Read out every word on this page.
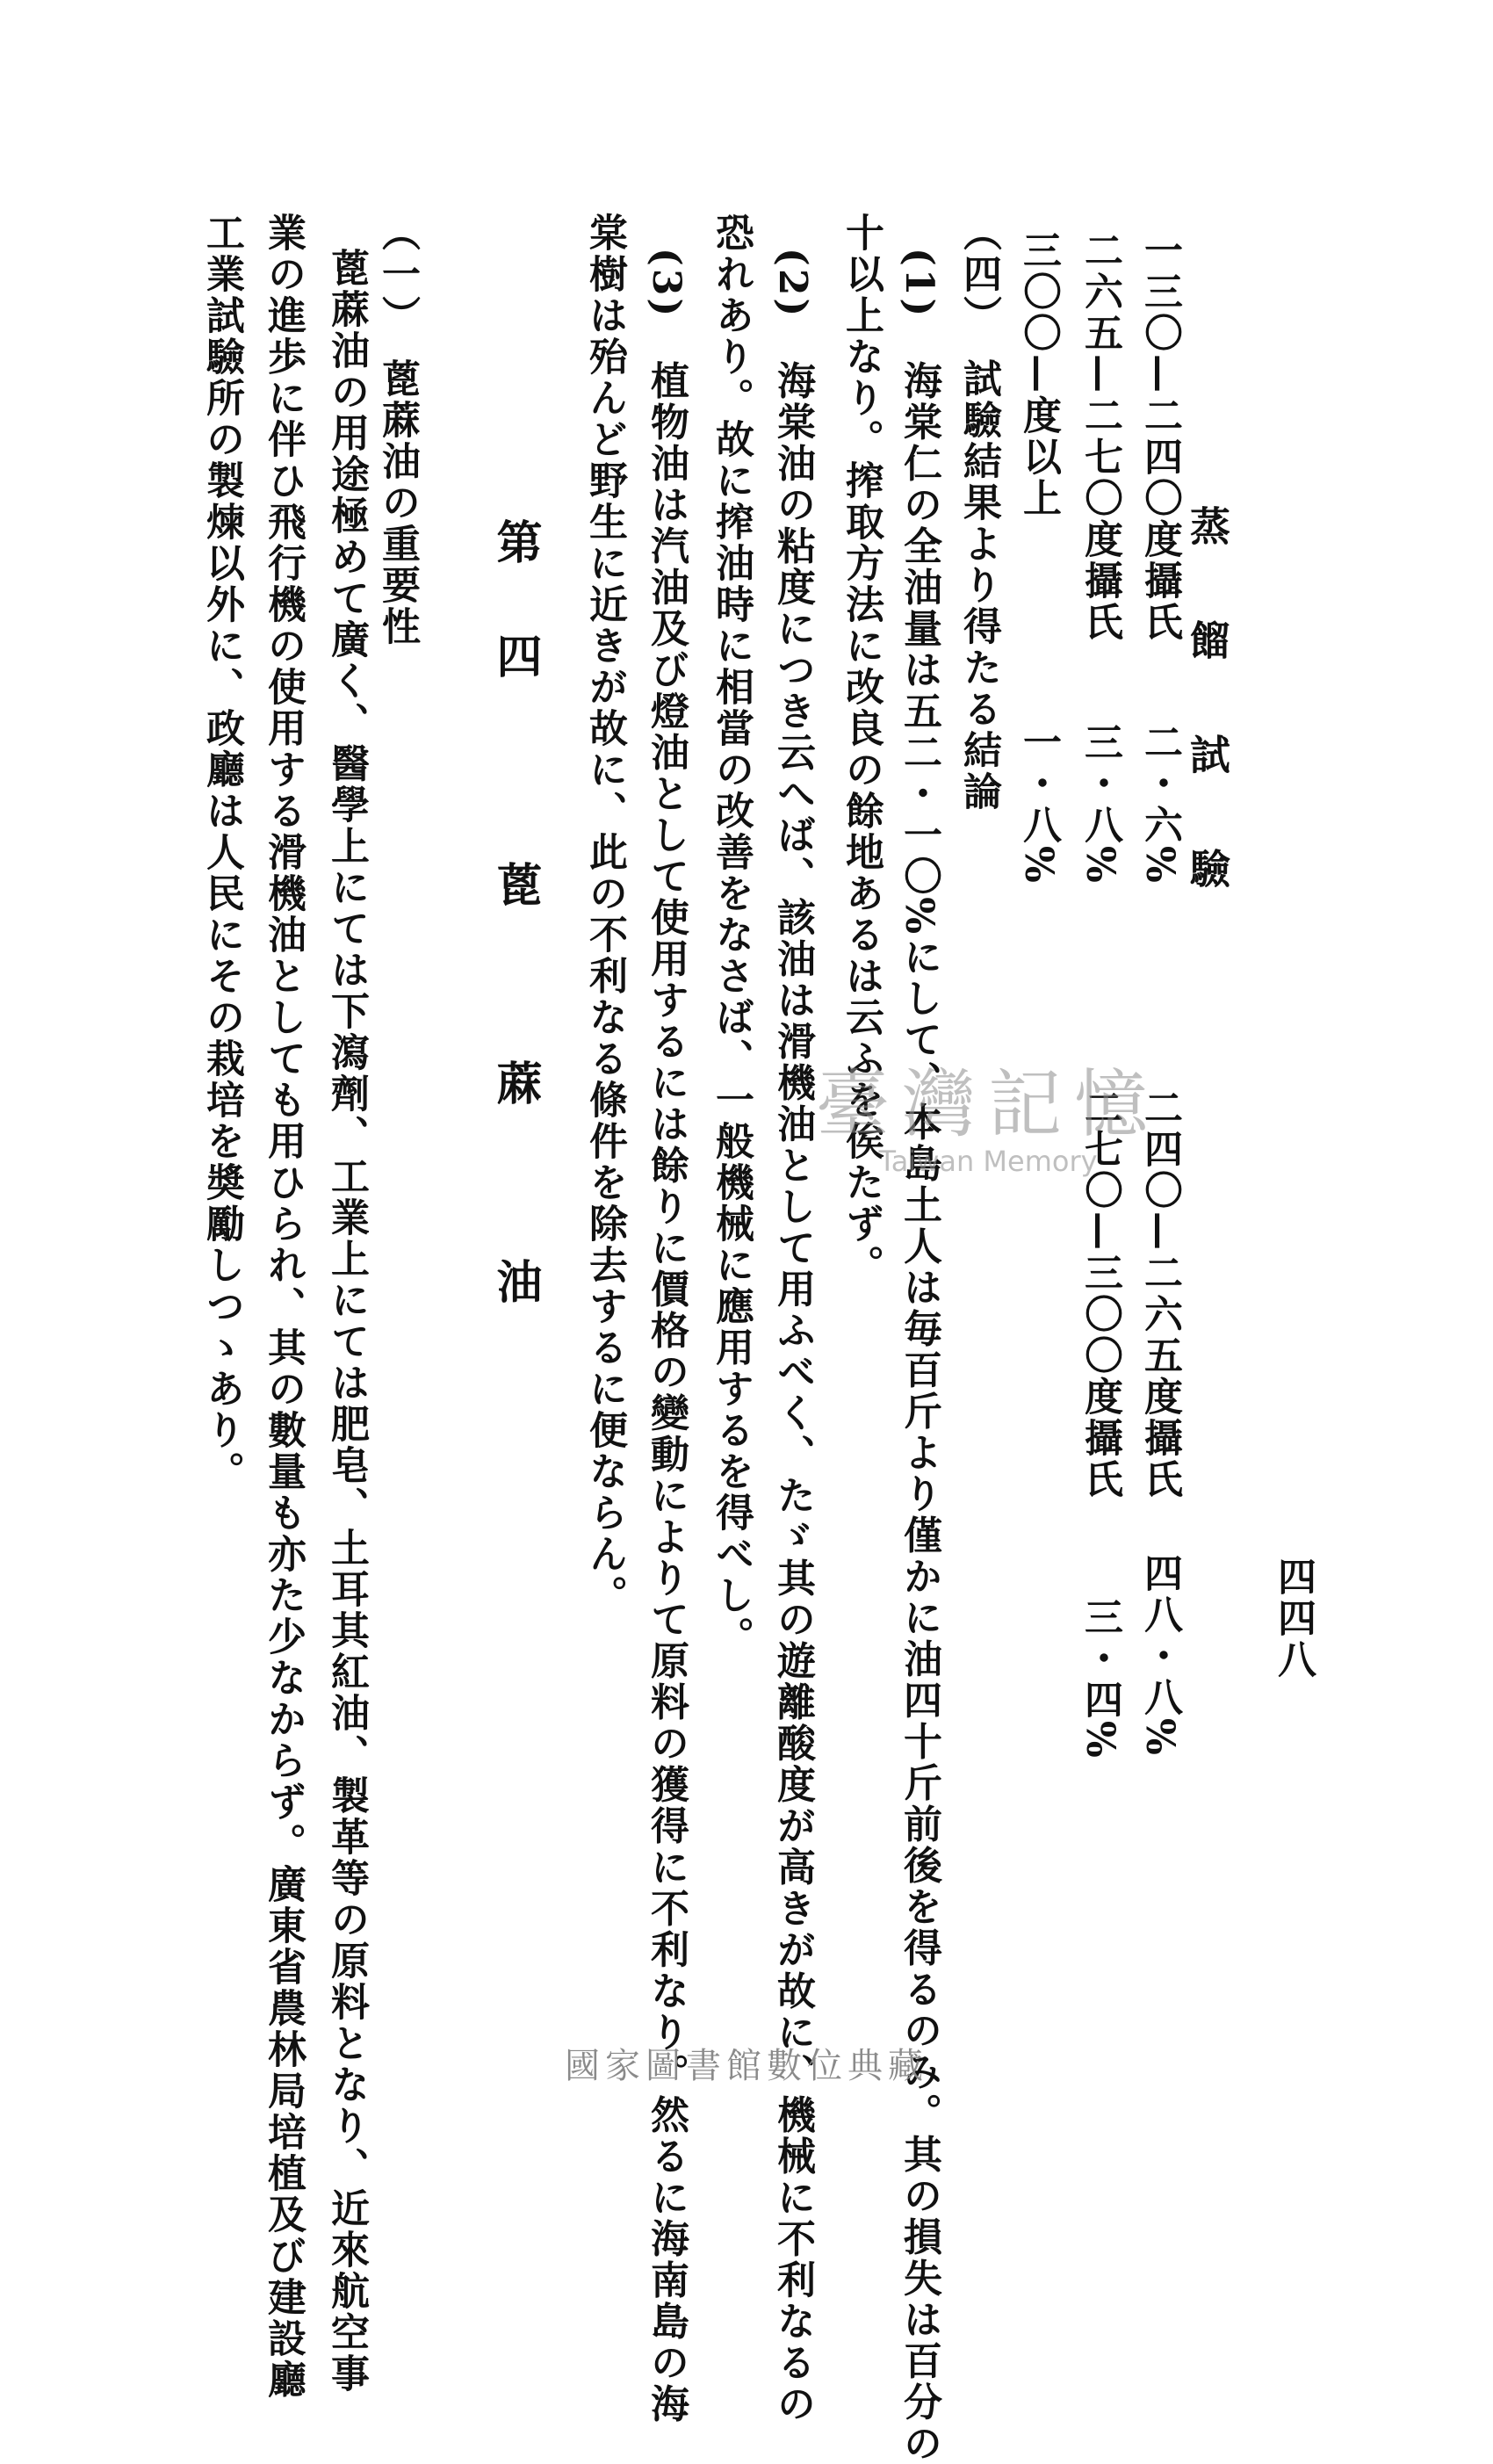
四四八
蒸 餾 試 驗
一三〇—二四〇度攝氏
二・六%
二四〇—二六五度攝氏
四八・八%
二六五—二七〇度攝氏
三・八%
二七〇—三〇〇度攝氏
三・四%
三〇〇—度以上
一・八%
（四）　試驗結果より得たる結論
(1)　海棠仁の全油量は五二・一〇%にして、本島土人は毎百斤より僅かに油四十斤前後を得るのみ。其の損失は百分の
十以上なり。搾取方法に改良の餘地あるは云ふを俟たず。
(2)　海棠油の粘度につき云へば、該油は滑機油として用ふべく、たゞ其の遊離酸度が高きが故に、機械に不利なるの
恐れあり。故に搾油時に相當の改善をなさば、一般機械に應用するを得べし。
(3)　植物油は汽油及び燈油として使用するには餘りに價格の變動によりて原料の獲得に不利なり。然るに海南島の海
棠樹は殆んど野生に近きが故に、此の不利なる條件を除去するに便ならん。
第四　蓖 蔴 油
（一）　蓖蔴油の重要性
蓖蔴油の用途極めて廣く、醫學上にては下瀉劑、工業上にては肥皂、土耳其紅油、製革等の原料となり、近來航空事
業の進歩に伴ひ飛行機の使用する滑機油としても用ひられ、其の數量も亦た少なからず。廣東省農林局培植及び建設廳
工業試驗所の製煉以外に、政廳は人民にその栽培を奬勵しつゝあり。	臺灣記憶
Taiwan Memory
國家圖書館數位典藏
